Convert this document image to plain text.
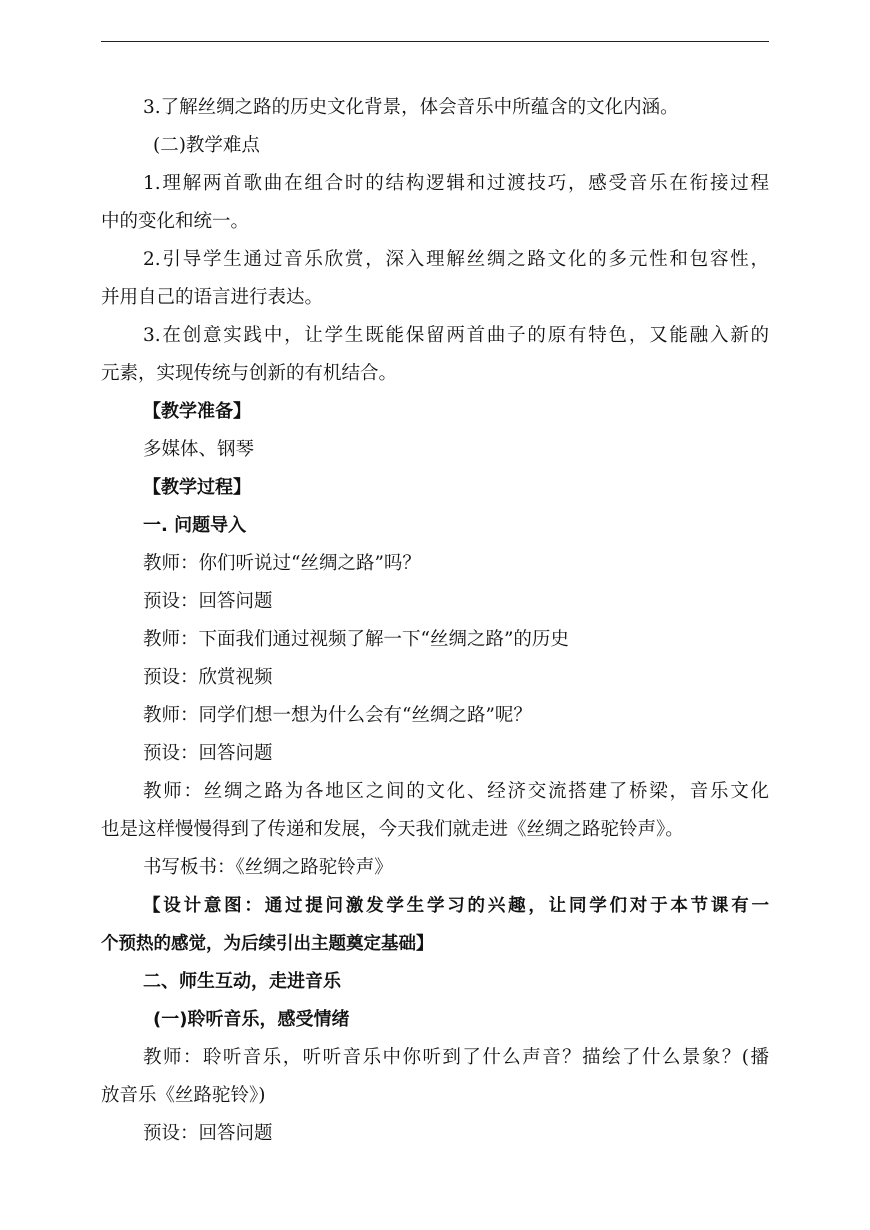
3.了解丝绸之路的历史文化背景，体会音乐中所蕴含的文化内涵。
(二)教学难点
1.理解两首歌曲在组合时的结构逻辑和过渡技巧，感受音乐在衔接过程
中的变化和统一。
2.引导学生通过音乐欣赏，深入理解丝绸之路文化的多元性和包容性，
并用自己的语言进行表达。
3.在创意实践中，让学生既能保留两首曲子的原有特色，又能融入新的
元素，实现传统与创新的有机结合。
【教学准备】
多媒体、钢琴
【教学过程】
一. 问题导入
教师：你们听说过“丝绸之路”吗？
预设：回答问题
教师：下面我们通过视频了解一下“丝绸之路”的历史
预设：欣赏视频
教师：同学们想一想为什么会有“丝绸之路”呢？
预设：回答问题
教师：丝绸之路为各地区之间的文化、经济交流搭建了桥梁，音乐文化
也是这样慢慢得到了传递和发展，今天我们就走进《丝绸之路驼铃声》。
书写板书：《丝绸之路驼铃声》
【设计意图：通过提问激发学生学习的兴趣，让同学们对于本节课有一
个预热的感觉，为后续引出主题奠定基础】
二、师生互动，走进音乐
(一)聆听音乐，感受情绪
教师：聆听音乐，听听音乐中你听到了什么声音？描绘了什么景象？(播
放音乐《丝路驼铃》)
预设：回答问题
